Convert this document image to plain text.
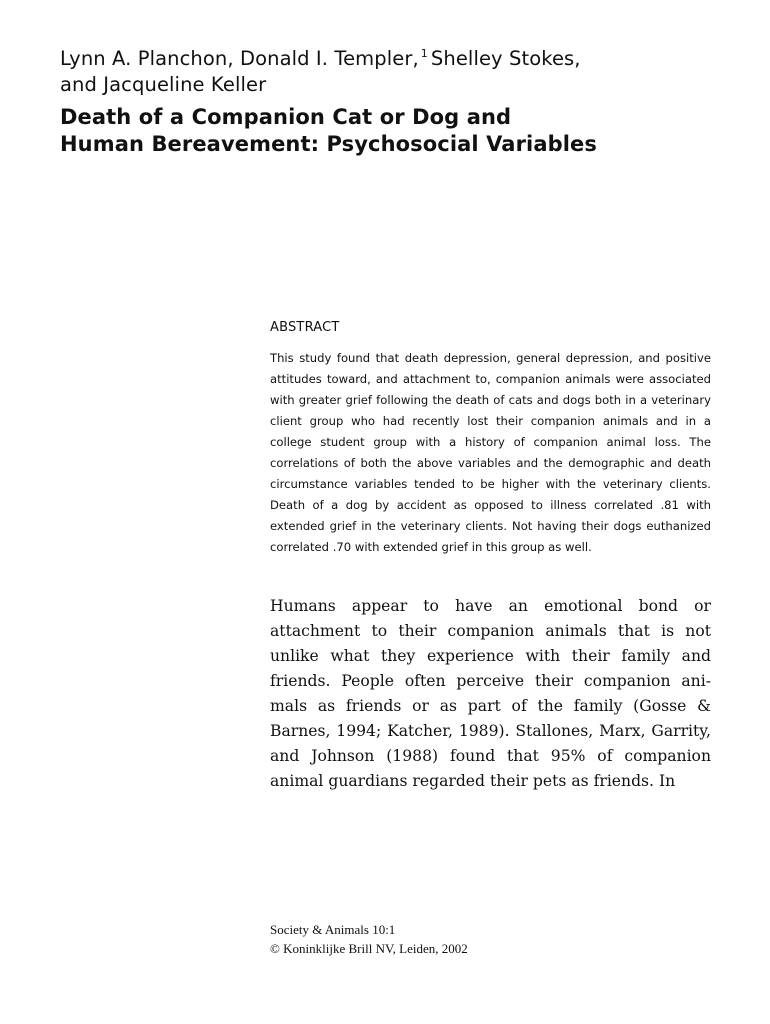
Lynn A. Planchon, Donald I. Templer, $^1$ Shelley Stokes,
and Jacqueline Keller
Death of a Companion Cat or Dog and
Human Bereavement: Psychosocial Variables
ABSTRACT

This study found that death depression, general depression, and positive attitudes toward, and attachment to, companion animals were associated with greater grief following the death of cats and dogs both in a veterinary client group who had recently lost their companion animals and in a college student group with a history of companion animal loss. The correlations of both the above variables and the demographic and death circumstance variables tended to be higher with the veterinary clients. Death of a dog by accident as opposed to illness correlated .81 with extended grief in the veterinary clients. Not having their dogs euthanized correlated .70 with extended grief in this group as well.

Humans appear to have an emotional bond or attachment to their companion animals that is not unlike what they experience with their family and friends. People often perceive their companion ani-mals as friends or as part of the family (Gosse & Barnes, 1994; Katcher, 1989). Stallones, Marx, Garrity, and Johnson (1988) found that 95% of companion animal guardians regarded their pets as friends. In

Society & Animals 10:1
© Koninklijke Brill NV, Leiden, 2002
